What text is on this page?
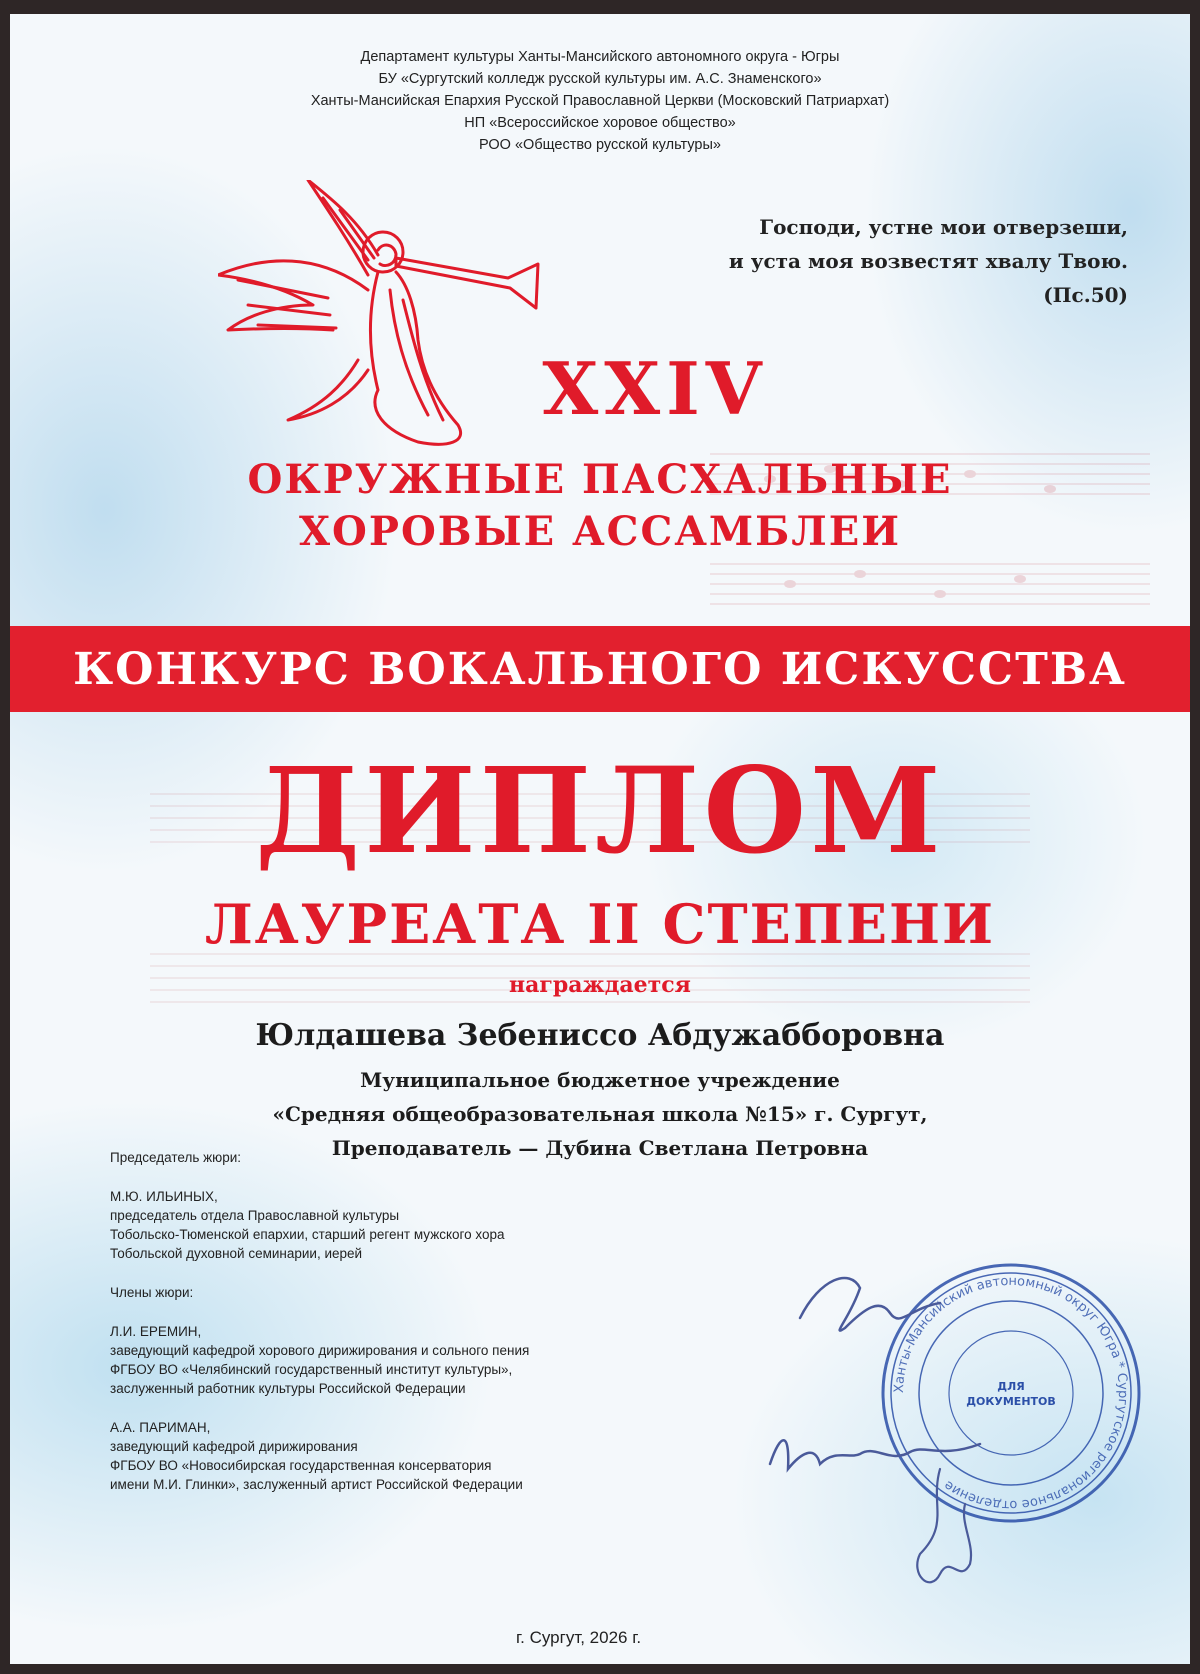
Департамент культуры Ханты-Мансийского автономного округа - Югры
БУ «Сургутский колледж русской культуры им. А.С. Знаменского»
Ханты-Мансийская Епархия Русской Православной Церкви (Московский Патриархат)
НП «Всероссийское хоровое общество»
РОО «Общество русской культуры»
Господи, устне мои отверзеши,
и уста моя возвестят хвалу Твою.
(Пс.50)
XXIV
ОКРУЖНЫЕ ПАСХАЛЬНЫЕ
ХОРОВЫЕ АССАМБЛЕИ
КОНКУРС ВОКАЛЬНОГО ИСКУССТВА
ДИПЛОМ
ЛАУРЕАТА II СТЕПЕНИ
награждается
Юлдашева Зебениссо Абдужабборовна
Муниципальное бюджетное учреждение
«Средняя общеобразовательная школа №15» г. Сургут,
Преподаватель — Дубина Светлана Петровна
Председатель жюри:
М.Ю. ИЛЬИНЫХ,
председатель отдела Православной культуры
Тобольско-Тюменской епархии, старший регент мужского хора
Тобольской духовной семинарии, иерей
Члены жюри:
Л.И. ЕРЕМИН,
заведующий кафедрой хорового дирижирования и сольного пения
ФГБОУ ВО «Челябинский государственный институт культуры»,
заслуженный работник культуры Российской Федерации
А.А. ПАРИМАН,
заведующий кафедрой дирижирования
ФГБОУ ВО «Новосибирская государственная консерватория
имени М.И. Глинки», заслуженный артист Российской Федерации
Ханты-Мансийский автономный округ Югра * Сургутское региональное отделение
ДЛЯ
ДОКУМЕНТОВ
г. Сургут, 2026 г.
